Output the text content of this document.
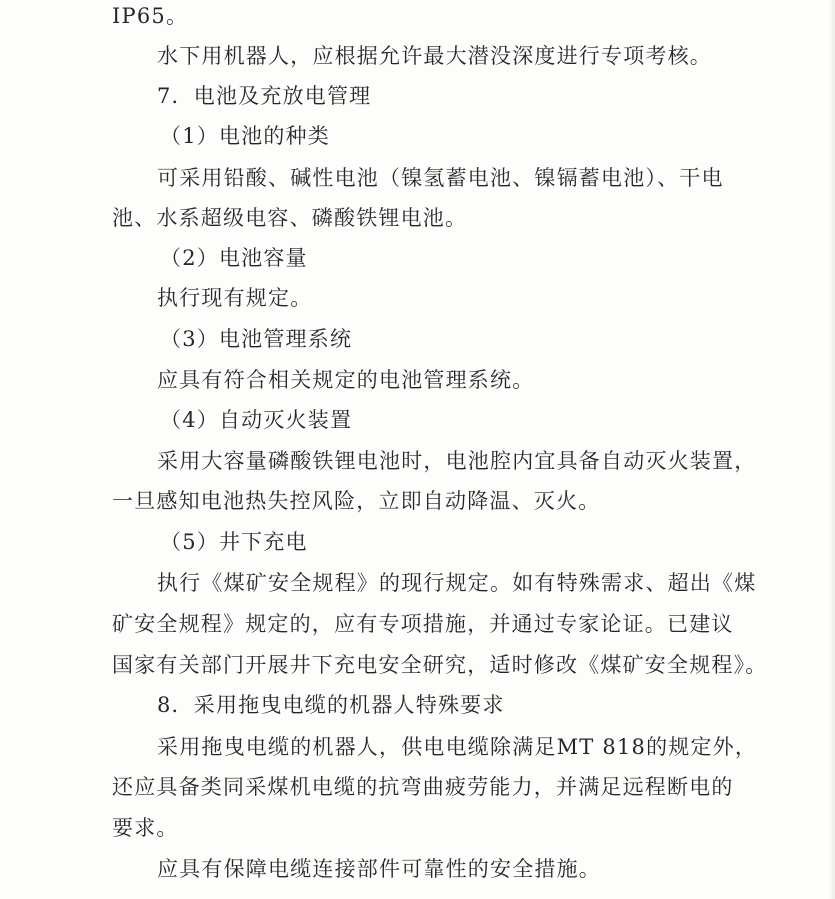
IP65。

水下用机器人，应根据允许最大潜没深度进行专项考核。

7．电池及充放电管理

（1）电池的种类

可采用铅酸、碱性电池（镍氢蓄电池、镍镉蓄电池）、干电

池、水系超级电容、磷酸铁锂电池。

（2）电池容量

执行现有规定。

（3）电池管理系统

应具有符合相关规定的电池管理系统。

（4）自动灭火装置

采用大容量磷酸铁锂电池时，电池腔内宜具备自动灭火装置，

一旦感知电池热失控风险，立即自动降温、灭火。

（5）井下充电

执行《煤矿安全规程》的现行规定。如有特殊需求、超出《煤

矿安全规程》规定的，应有专项措施，并通过专家论证。已建议

国家有关部门开展井下充电安全研究，适时修改《煤矿安全规程》。

8．采用拖曳电缆的机器人特殊要求

采用拖曳电缆的机器人，供电电缆除满足MT 818的规定外，

还应具备类同采煤机电缆的抗弯曲疲劳能力，并满足远程断电的

要求。

应具有保障电缆连接部件可靠性的安全措施。
